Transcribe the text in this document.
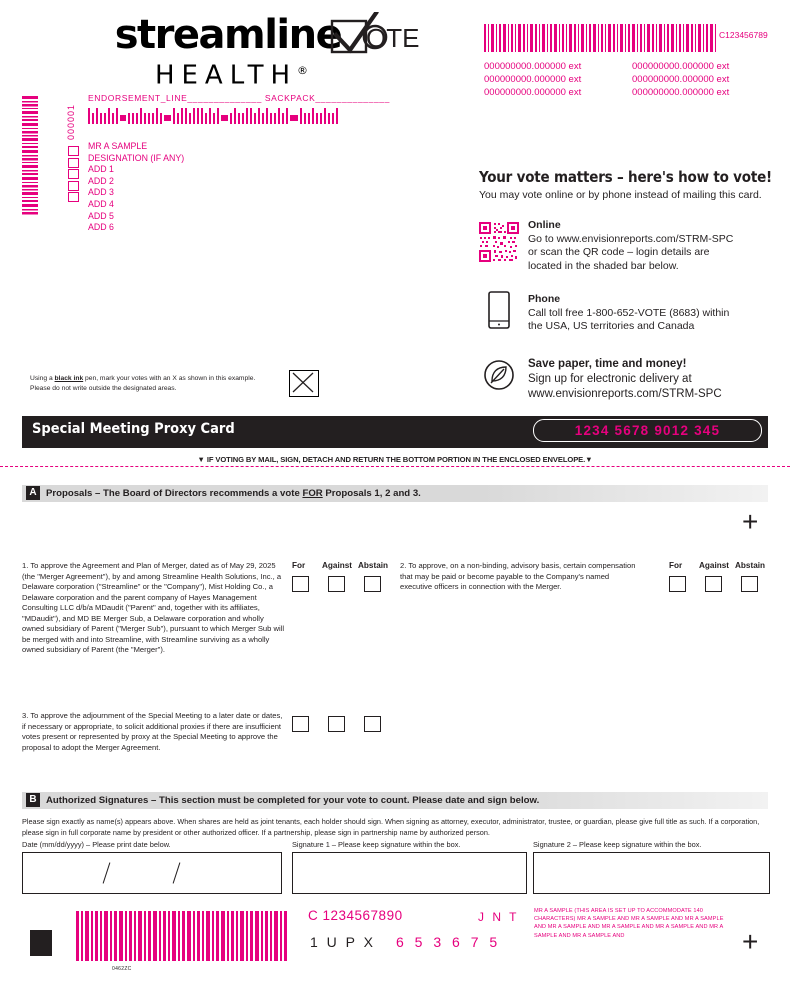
streamline
HEALTH®
OTE	C123456789
000000000.000000 ext	000000000.000000 ext
000000000.000000 ext	000000000.000000 ext
000000000.000000 ext	000000000.000000 ext
000001
ENDORSEMENT_LINE______________ SACKPACK______________
MR A SAMPLE
DESIGNATION (IF ANY)
ADD 1
ADD 2
ADD 3
ADD 4
ADD 5
ADD 6
Your vote matters – here's how to vote!
You may vote online or by phone instead of mailing this card.
Online
Go to www.envisionreports.com/STRM-SPC
or scan the QR code – login details are
located in the shaded bar below.
Phone
Call toll free 1-800-652-VOTE (8683) within
the USA, US territories and Canada
Save paper, time and money!
Sign up for electronic delivery at
www.envisionreports.com/STRM-SPC
Using a black ink pen, mark your votes with an X as shown in this example.
Please do not write outside the designated areas.
Special Meeting Proxy Card	1234 5678 9012 345
▼ IF VOTING BY MAIL, SIGN, DETACH AND RETURN THE BOTTOM PORTION IN THE ENCLOSED ENVELOPE.▼
A Proposals – The Board of Directors recommends a vote FOR Proposals 1, 2 and 3.
+
For Against Abstain	For Against Abstain
1. To approve the Agreement and Plan of Merger, dated as of May 29, 2025 (the "Merger Agreement"), by and among Streamline Health Solutions, Inc., a Delaware corporation ("Streamline" or the "Company"), Mist Holding Co., a Delaware corporation and the parent company of Hayes Management Consulting LLC d/b/a MDaudit ("Parent" and, together with its affiliates, "MDaudit"), and MD BE Merger Sub, a Delaware corporation and wholly owned subsidiary of Parent ("Merger Sub"), pursuant to which Merger Sub will be merged with and into Streamline, with Streamline surviving as a wholly owned subsidiary of Parent (the "Merger").
2. To approve, on a non-binding, advisory basis, certain compensation that may be paid or become payable to the Company's named executive officers in connection with the Merger.
3. To approve the adjournment of the Special Meeting to a later date or dates, if necessary or appropriate, to solicit additional proxies if there are insufficient votes present or represented by proxy at the Special Meeting to approve the proposal to adopt the Merger Agreement.
B Authorized Signatures – This section must be completed for your vote to count. Please date and sign below.
Please sign exactly as name(s) appears above. When shares are held as joint tenants, each holder should sign. When signing as attorney, executor, administrator, trustee, or guardian, please give full title as such. If a corporation, please sign in full corporate name by president or other authorized officer. If a partnership, please sign in partnership name by authorized person.
Date (mm/dd/yyyy) – Please print date below.	Signature 1 – Please keep signature within the box.	Signature 2 – Please keep signature within the box.
C 1234567890	J N T
1 U P X 6 5 3 6 7 5
MR A SAMPLE (THIS AREA IS SET UP TO ACCOMMODATE 140 CHARACTERS) MR A SAMPLE AND MR A SAMPLE AND MR A SAMPLE AND MR A SAMPLE AND MR A SAMPLE AND MR A SAMPLE AND MR A SAMPLE AND MR A SAMPLE AND
0462ZC
+
